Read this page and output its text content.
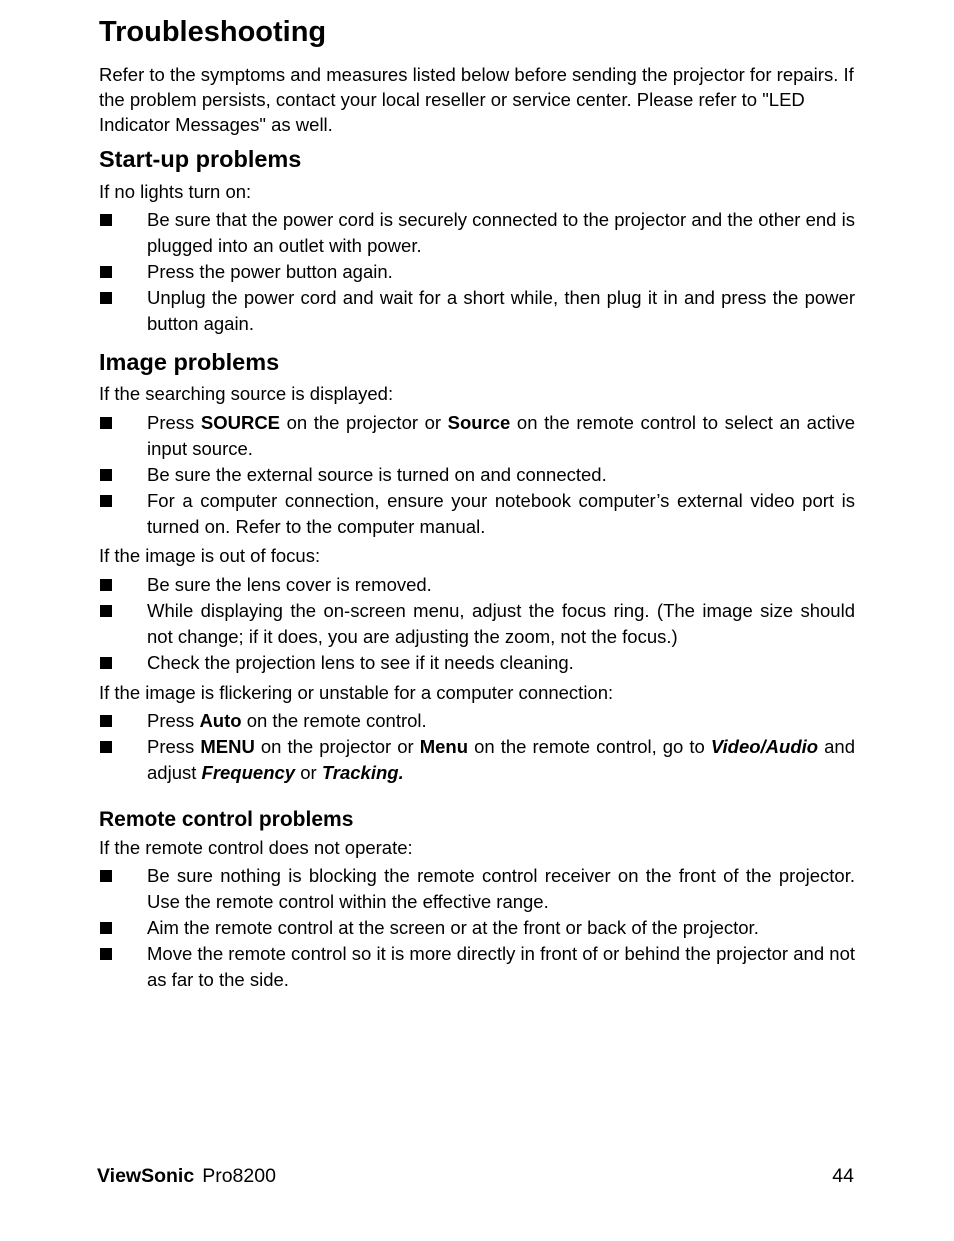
Troubleshooting

Refer to the symptoms and measures listed below before sending the projector for repairs. If the problem persists, contact your local reseller or service center. Please refer to "LED Indicator Messages" as well.

Start-up problems

If no lights turn on:

Be sure that the power cord is securely connected to the projector and the other end is plugged into an outlet with power.
Press the power button again.
Unplug the power cord and wait for a short while, then plug it in and press the power button again.
Image problems

If the searching source is displayed:

Press SOURCE on the projector or Source on the remote control to select an active input source.
Be sure the external source is turned on and connected.
For a computer connection, ensure your notebook computer’s external video port is turned on. Refer to the computer manual.

If the image is out of focus:

Be sure the lens cover is removed.
While displaying the on-screen menu, adjust the focus ring. (The image size should not change; if it does, you are adjusting the zoom, not the focus.)
Check the projection lens to see if it needs cleaning.

If the image is flickering or unstable for a computer connection:

Press Auto on the remote control.
Press MENU on the projector or Menu on the remote control, go to Video/Audio and adjust Frequency or Tracking.
Remote control problems

If the remote control does not operate:

Be sure nothing is blocking the remote control receiver on the front of the projector. Use the remote control within the effective range.
Aim the remote control at the screen or at the front or back of the projector.
Move the remote control so it is more directly in front of or behind the projector and not as far to the side.
ViewSonic Pro8200	44
